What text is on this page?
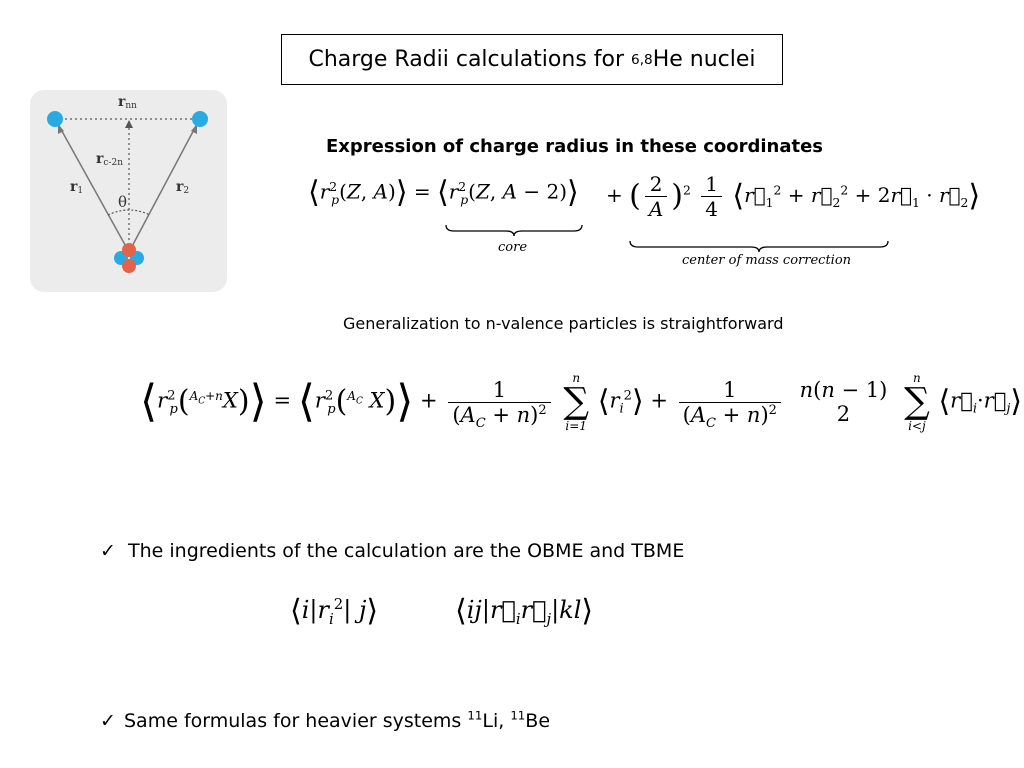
Charge Radii calculations for
6,8 He nuclei
rnn
rc-2n
r1	r2
θ
Expression of charge radius in these coordinates
$⟨r^2_p(Z$, A)⟩ = $⟨r^2_p(Z$, A − 2)⟩
core
+ ( $\frac{2}{A} )^2 \frac{1}{4}$ $⟨r⃗_1^2$ + $r⃗_2^2$ + $2r⃗_1$ · $r⃗_2⟩$
center of mass correction
Generalization to n-valence particles is straightforward
$⟨r^2_p(^{A_C+n}X)⟩$ = $⟨r^2_p(^{A_C}$ X)⟩ + $\frac{1}{(A_C + n)^2}$
n
∑
i=1
$⟨r_i^2⟩ + \frac{1}{(A_C + n)^2}$
n(n − 1)
2

n
∑
i<j
$⟨r⃗_i\cdot r⃗_j⟩$
✓ The ingredients of the calculation are the OBME and TBME
$⟨i|r_i^2|$ j⟩	$⟨ij|r⃗_ir⃗_j|kl⟩$
✓ Same formulas for heavier systems $^{11}$Li, $^{11}$Be
